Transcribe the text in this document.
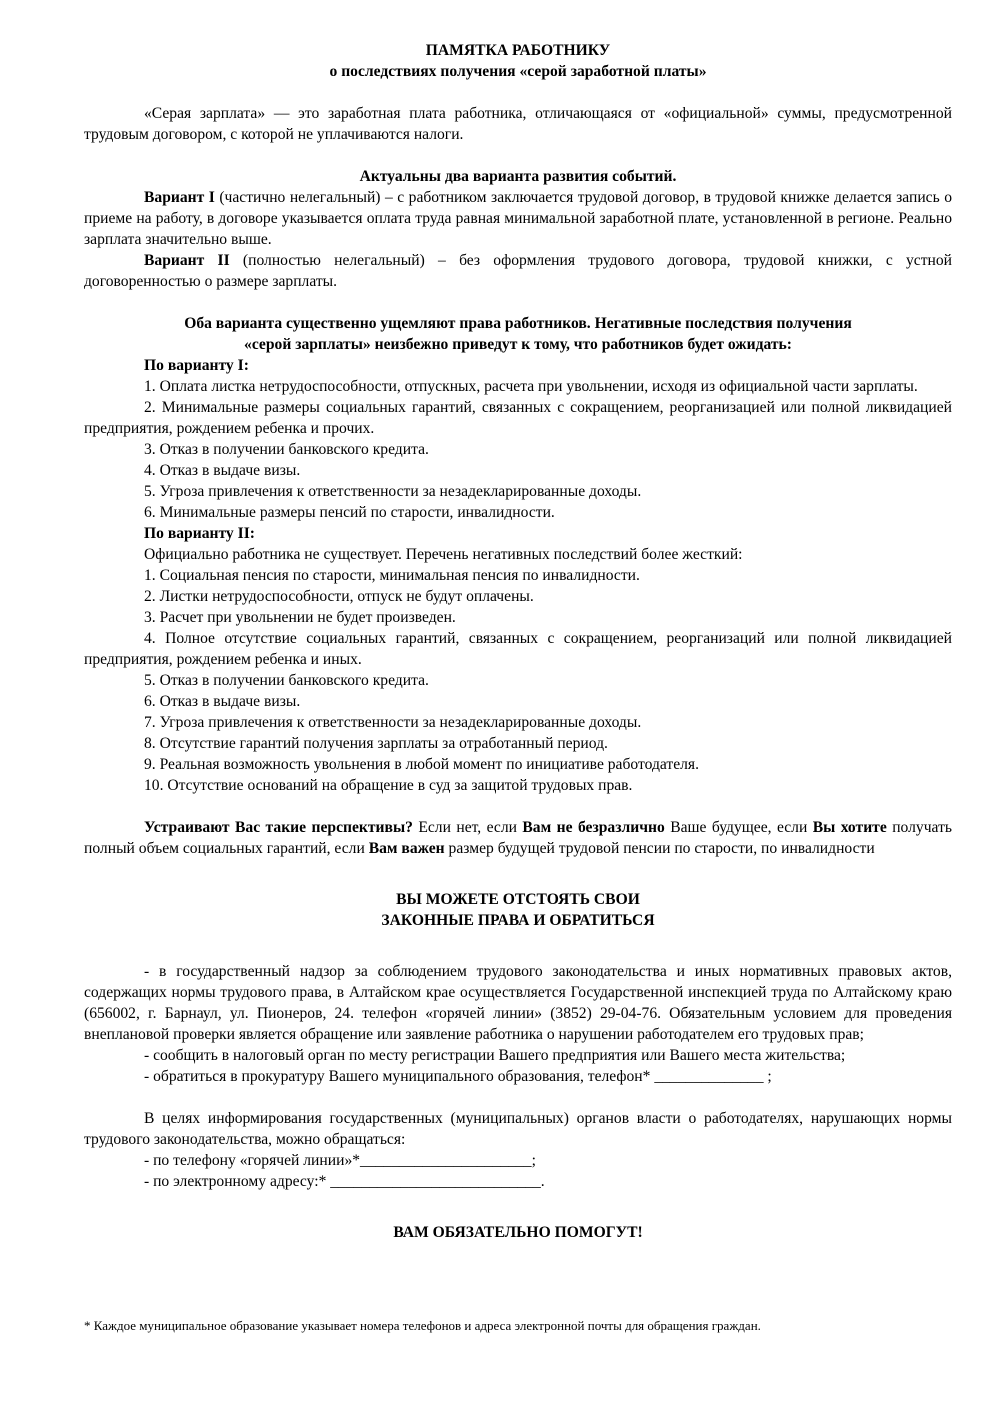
ПАМЯТКА РАБОТНИКУ

о последствиях получения «серой заработной платы»

«Серая зарплата» — это заработная плата работника, отличающаяся от «официальной» суммы, предусмотренной трудовым договором, с которой не уплачиваются налоги.

Актуальны два варианта развития событий.

Вариант I (частично нелегальный) – с работником заключается трудовой договор, в трудовой книжке делается запись о приеме на работу, в договоре указывается оплата труда равная минимальной заработной плате, установленной в регионе. Реально зарплата значительно выше.

Вариант II (полностью нелегальный) – без оформления трудового договора, трудовой книжки, с устной договоренностью о размере зарплаты.

Оба варианта существенно ущемляют права работников. Негативные последствия получения

«серой зарплаты» неизбежно приведут к тому, что работников будет ожидать:

По варианту I:

1. Оплата листка нетрудоспособности, отпускных, расчета при увольнении, исходя из официальной части зарплаты.

2. Минимальные размеры социальных гарантий, связанных с сокращением, реорганизацией или полной ликвидацией предприятия, рождением ребенка и прочих.

3. Отказ в получении банковского кредита.

4. Отказ в выдаче визы.

5. Угроза привлечения к ответственности за незадекларированные доходы.

6. Минимальные размеры пенсий по старости, инвалидности.

По варианту II:

Официально работника не существует. Перечень негативных последствий более жесткий:

1. Социальная пенсия по старости, минимальная пенсия по инвалидности.

2. Листки нетрудоспособности, отпуск не будут оплачены.

3. Расчет при увольнении не будет произведен.

4. Полное отсутствие социальных гарантий, связанных с сокращением, реорганизаций или полной ликвидацией предприятия, рождением ребенка и иных.

5. Отказ в получении банковского кредита.

6. Отказ в выдаче визы.

7. Угроза привлечения к ответственности за незадекларированные доходы.

8. Отсутствие гарантий получения зарплаты за отработанный период.

9. Реальная возможность увольнения в любой момент по инициативе работодателя.

10. Отсутствие оснований на обращение в суд за защитой трудовых прав.

Устраивают Вас такие перспективы? Если нет, если Вам не безразлично Ваше будущее, если Вы хотите получать полный объем социальных гарантий, если Вам важен размер будущей трудовой пенсии по старости, по инвалидности

ВЫ МОЖЕТЕ ОТСТОЯТЬ СВОИ

ЗАКОННЫЕ ПРАВА И ОБРАТИТЬСЯ

- в государственный надзор за соблюдением трудового законодательства и иных нормативных правовых актов, содержащих нормы трудового права, в Алтайском крае осуществляется Государственной инспекцией труда по Алтайскому краю (656002, г. Барнаул, ул. Пионеров, 24. телефон «горячей линии» (3852) 29-04-76. Обязательным условием для проведения внеплановой проверки является обращение или заявление работника о нарушении работодателем его трудовых прав;

- сообщить в налоговый орган по месту регистрации Вашего предприятия или Вашего места жительства;

- обратиться в прокуратуру Вашего муниципального образования, телефон* ______________ ;

В целях информирования государственных (муниципальных) органов власти о работодателях, нарушающих нормы трудового законодательства, можно обращаться:

- по телефону «горячей линии»*______________________;

- по электронному адресу:* ___________________________.

ВАМ ОБЯЗАТЕЛЬНО ПОМОГУТ!

* Каждое муниципальное образование указывает номера телефонов и адреса электронной почты для обращения граждан.
